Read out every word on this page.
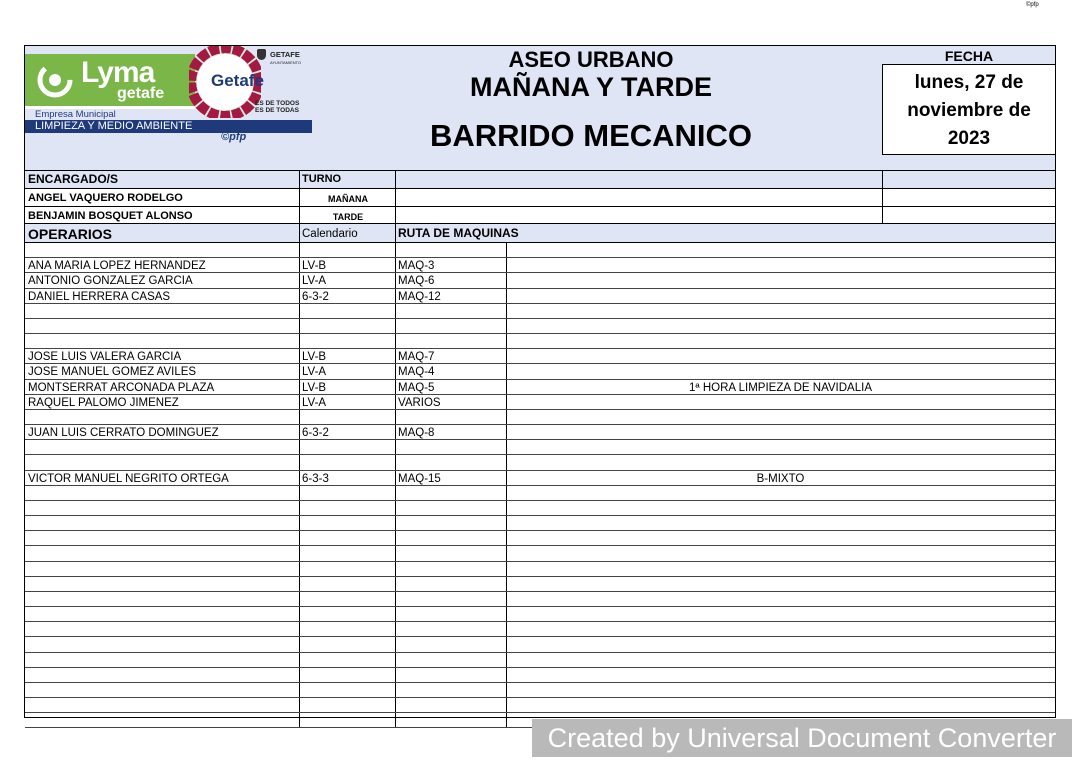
©pfp
Lyma
getafe
Empresa Municipal
LIMPIEZA Y MEDIO AMBIENTE
©pfp
Getafe
GETAFE
AYUNTAMIENTO
ES DE TODOS
ES DE TODAS
ASEO URBANO
MAÑANA Y TARDE
BARRIDO MECANICO
FECHA
lunes, 27 de
noviembre de
2023
ENCARGADO/S	TURNO
ANGEL VAQUERO RODELGO	MAÑANA
BENJAMIN BOSQUET ALONSO	TARDE
OPERARIOS	Calendario	RUTA DE MAQUINAS
ANA MARIA LOPEZ HERNANDEZ	LV-B	MAQ-3
ANTONIO GONZALEZ GARCIA	LV-A	MAQ-6
DANIEL HERRERA CASAS	6-3-2	MAQ-12
JOSE LUIS VALERA GARCIA	LV-B	MAQ-7
JOSE MANUEL GOMEZ AVILES	LV-A	MAQ-4
MONTSERRAT ARCONADA PLAZA	LV-B	MAQ-5	1ª HORA LIMPIEZA DE NAVIDALIA
RAQUEL PALOMO JIMENEZ	LV-A	VARIOS
JUAN LUIS CERRATO DOMINGUEZ	6-3-2	MAQ-8
VICTOR MANUEL NEGRITO ORTEGA	6-3-3	MAQ-15	B-MIXTO
Created by Universal Document Converter
